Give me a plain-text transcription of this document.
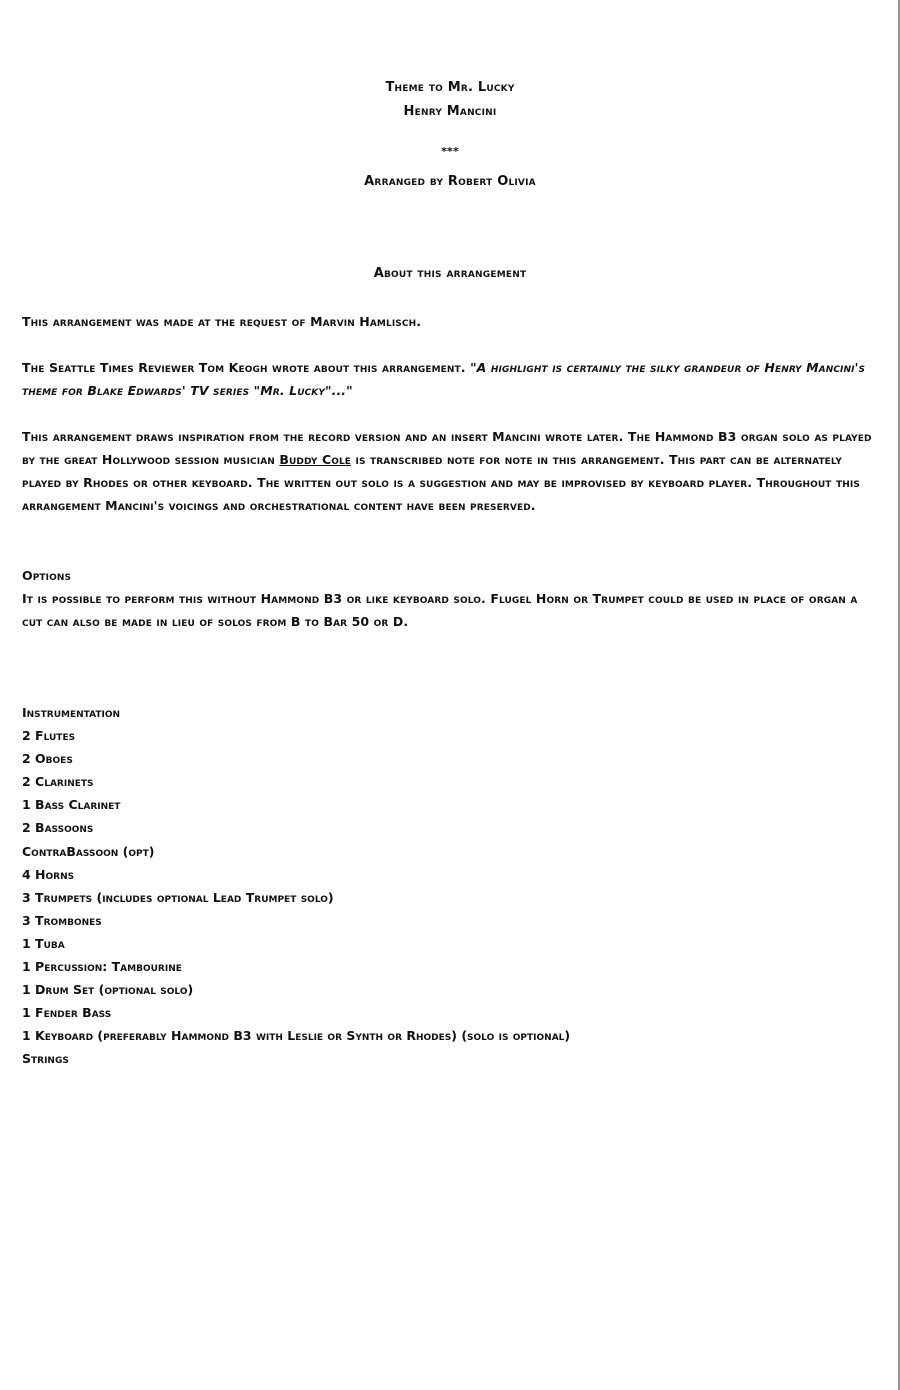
Theme to Mr. Lucky
Henry Mancini
***
Arranged by Robert Olivia
About this arrangement
This arrangement was made at the request of Marvin Hamlisch.
The Seattle Times Reviewer Tom Keogh wrote about this arrangement. "A highlight is certainly the silky grandeur of Henry Mancini's theme for Blake Edwards' TV series "Mr. Lucky"..."
This arrangement draws inspiration from the record version and an insert Mancini wrote later. The Hammond B3 organ solo as played by the great Hollywood session musician Buddy Cole is transcribed note for note in this arrangement. This part can be alternately played by Rhodes or other keyboard. The written out solo is a suggestion and may be improvised by keyboard player. Throughout this arrangement Mancini's voicings and orchestrational content have been preserved.
Options
It is possible to perform this without Hammond B3 or like keyboard solo. Flugel Horn or Trumpet could be used in place of organ a cut can also be made in lieu of solos from B to Bar 50 or D.
Instrumentation
2 Flutes
2 Oboes
2 Clarinets
1 Bass Clarinet
2 Bassoons
ContraBassoon (opt)
4 Horns
3 Trumpets (includes optional Lead Trumpet solo)
3 Trombones
1 Tuba
1 Percussion: Tambourine
1 Drum Set (optional solo)
1 Fender Bass
1 Keyboard (preferably Hammond B3 with Leslie or Synth or Rhodes) (solo is optional)
Strings
